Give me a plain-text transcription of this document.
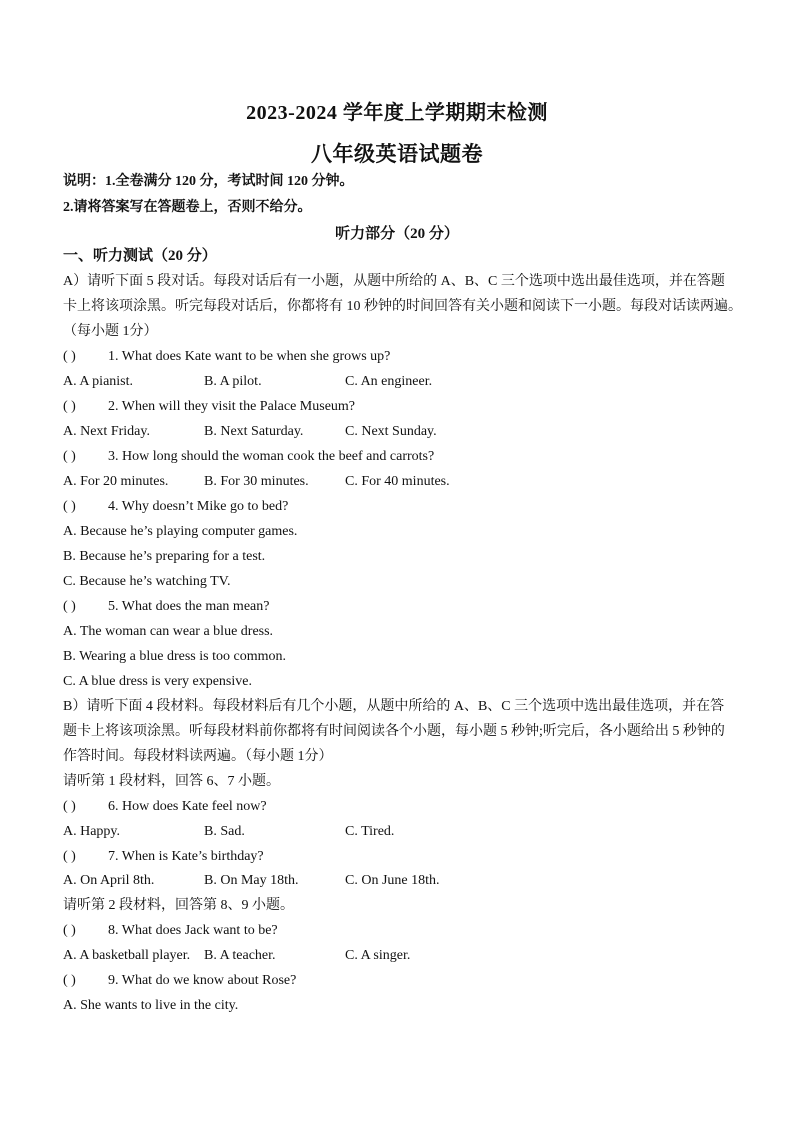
2023-2024 学年度上学期期末检测
八年级英语试题卷
说明：1.全卷满分 120 分，考试时间 120 分钟。
2.请将答案写在答题卷上，否则不给分。
听力部分（20 分）
一、听力测试（20 分）
A）请听下面 5 段对话。每段对话后有一小题，从题中所给的 A、B、C 三个选项中选出最佳选项，并在答题
卡上将该项涂黑。听完每段对话后，你都将有 10 秒钟的时间回答有关小题和阅读下一小题。每段对话读两遍。
（每小题 1分）
( )	1. What does Kate want to be when she grows up?
A. A pianist.	B. A pilot.	C. An engineer.
( )	2. When will they visit the Palace Museum?
A. Next Friday.	B. Next Saturday.	C. Next Sunday.
( )	3. How long should the woman cook the beef and carrots?
A. For 20 minutes.	B. For 30 minutes.	C. For 40 minutes.
( )	4. Why doesn’t Mike go to bed?
A. Because he’s playing computer games.
B. Because he’s preparing for a test.
C. Because he’s watching TV.
( )	5. What does the man mean?
A. The woman can wear a blue dress.
B. Wearing a blue dress is too common.
C. A blue dress is very expensive.
B）请听下面 4 段材料。每段材料后有几个小题，从题中所给的 A、B、C 三个选项中选出最佳选项，并在答
题卡上将该项涂黑。听每段材料前你都将有时间阅读各个小题，每小题 5 秒钟;听完后，各小题给出 5 秒钟的
作答时间。每段材料读两遍。（每小题 1分）
请听第 1 段材料，回答 6、7 小题。
( )	6. How does Kate feel now?
A. Happy.	B. Sad.	C. Tired.
( )	7. When is Kate’s birthday?
A. On April 8th.	B. On May 18th.	C. On June 18th.
请听第 2 段材料，回答第 8、9 小题。
( )	8. What does Jack want to be?
A. A basketball player. B. A teacher.	C. A singer.
( )	9. What do we know about Rose?
A. She wants to live in the city.
